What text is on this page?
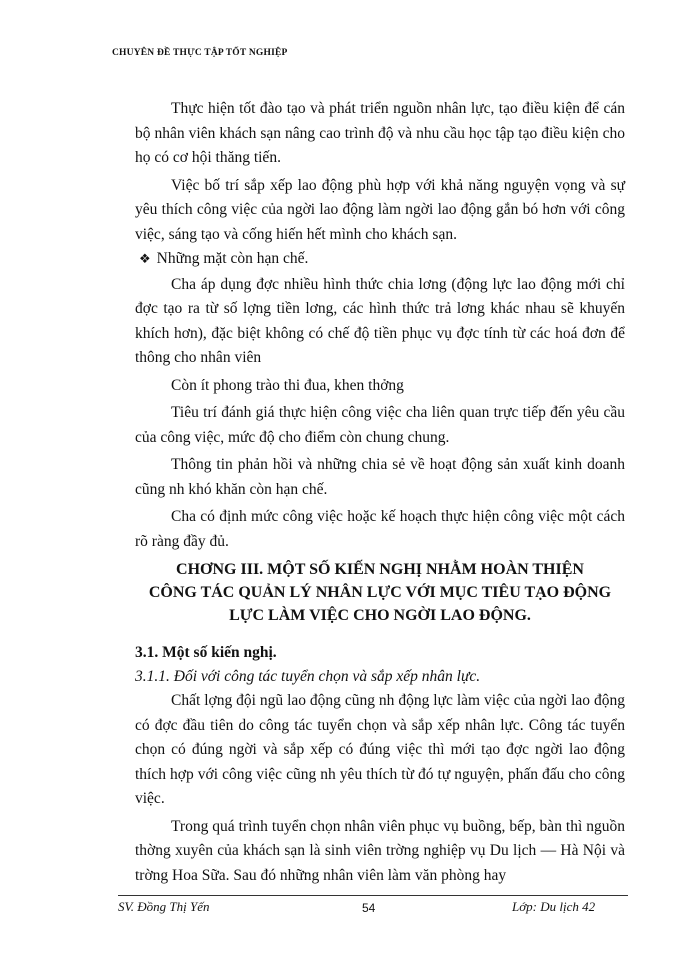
CHUYÊN ĐỀ THỰC TẬP TỐT NGHIỆP

Thực hiện tốt đào tạo và phát triển nguồn nhân lực, tạo điều kiện để cán bộ nhân viên khách sạn nâng cao trình độ và nhu cầu học tập tạo điều kiện cho họ có cơ hội thăng tiến.

Việc bố trí sắp xếp lao động phù hợp với khả năng nguyện vọng và sự yêu thích công việc của ngời lao động làm ngời lao động gắn bó hơn với công việc, sáng tạo và cống hiến hết mình cho khách sạn.

❖ Những mặt còn hạn chế.

Cha áp dụng đợc nhiều hình thức chia lơng (động lực lao động mới chỉ đợc tạo ra từ số lợng tiền lơng, các hình thức trả lơng khác nhau sẽ khuyến khích hơn), đặc biệt không có chế độ tiền phục vụ đợc tính từ các hoá đơn để thông cho nhân viên

Còn ít phong trào thi đua, khen thởng

Tiêu trí đánh giá thực hiện công việc cha liên quan trực tiếp đến yêu cầu của công việc, mức độ cho điểm còn chung chung.

Thông tin phản hồi và những chia sẻ về hoạt động sản xuất kinh doanh cũng nh khó khăn còn hạn chế.

Cha có định mức công việc hoặc kế hoạch thực hiện công việc một cách rõ ràng đầy đủ.

CHƠNG III. MỘT SỐ KIẾN NGHỊ NHẰM HOÀN THIỆN
CÔNG TÁC QUẢN LÝ NHÂN LỰC VỚI MỤC TIÊU TẠO ĐỘNG
LỰC LÀM VIỆC CHO NGỜI LAO ĐỘNG.

3.1. Một số kiến nghị.

3.1.1. Đối với công tác tuyển chọn và sắp xếp nhân lực.

Chất lợng đội ngũ lao động cũng nh động lực làm việc của ngời lao động có đợc đầu tiên do công tác tuyển chọn và sắp xếp nhân lực. Công tác tuyển chọn có đúng ngời và sắp xếp có đúng việc thì mới tạo đợc ngời lao động thích hợp với công việc cũng nh yêu thích từ đó tự nguyện, phấn đấu cho công việc.

Trong quá trình tuyển chọn nhân viên phục vụ buồng, bếp, bàn thì nguồn thờng xuyên của khách sạn là sinh viên trờng nghiệp vụ Du lịch — Hà Nội và trờng Hoa Sữa. Sau đó những nhân viên làm văn phòng hay

SV. Đồng Thị Yến	54	Lớp: Du lịch 42
